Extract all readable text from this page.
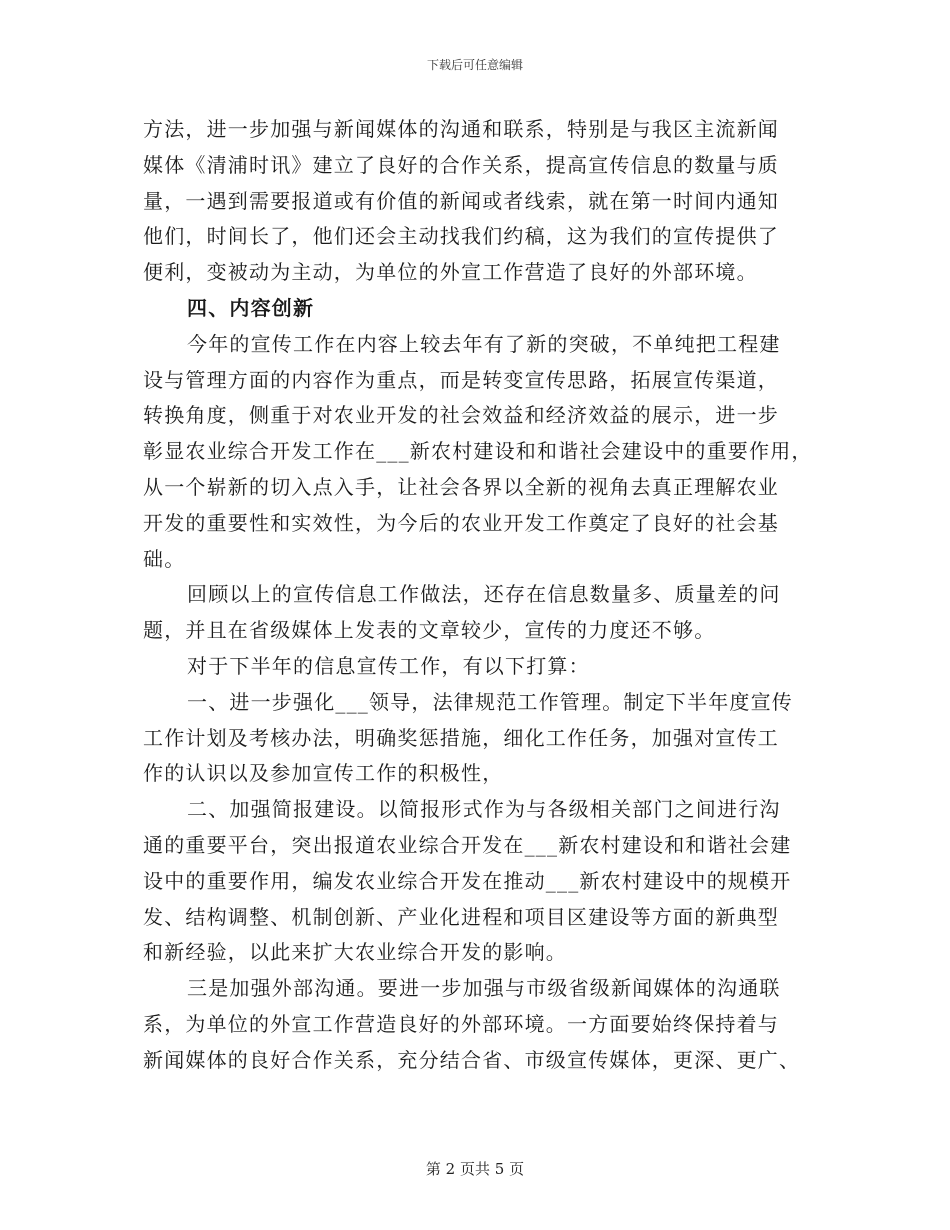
下载后可任意编辑
方法，进一步加强与新闻媒体的沟通和联系，特别是与我区主流新闻
媒体《清浦时讯》建立了良好的合作关系，提高宣传信息的数量与质
量，一遇到需要报道或有价值的新闻或者线索，就在第一时间内通知
他们，时间长了，他们还会主动找我们约稿，这为我们的宣传提供了
便利，变被动为主动，为单位的外宣工作营造了良好的外部环境。
四、内容创新
今年的宣传工作在内容上较去年有了新的突破，不单纯把工程建
设与管理方面的内容作为重点，而是转变宣传思路，拓展宣传渠道，
转换角度，侧重于对农业开发的社会效益和经济效益的展示，进一步
彰显农业综合开发工作在___新农村建设和和谐社会建设中的重要作用，
从一个崭新的切入点入手，让社会各界以全新的视角去真正理解农业
开发的重要性和实效性，为今后的农业开发工作奠定了良好的社会基
础。
回顾以上的宣传信息工作做法，还存在信息数量多、质量差的问
题，并且在省级媒体上发表的文章较少，宣传的力度还不够。
对于下半年的信息宣传工作，有以下打算：
一、进一步强化___领导，法律规范工作管理。制定下半年度宣传
工作计划及考核办法，明确奖惩措施，细化工作任务，加强对宣传工
作的认识以及参加宣传工作的积极性，
二、加强简报建设。以简报形式作为与各级相关部门之间进行沟
通的重要平台，突出报道农业综合开发在___新农村建设和和谐社会建
设中的重要作用，编发农业综合开发在推动___新农村建设中的规模开
发、结构调整、机制创新、产业化进程和项目区建设等方面的新典型
和新经验，以此来扩大农业综合开发的影响。
三是加强外部沟通。要进一步加强与市级省级新闻媒体的沟通联
系，为单位的外宣工作营造良好的外部环境。一方面要始终保持着与
新闻媒体的良好合作关系，充分结合省、市级宣传媒体，更深、更广、
第 2 页共 5 页
